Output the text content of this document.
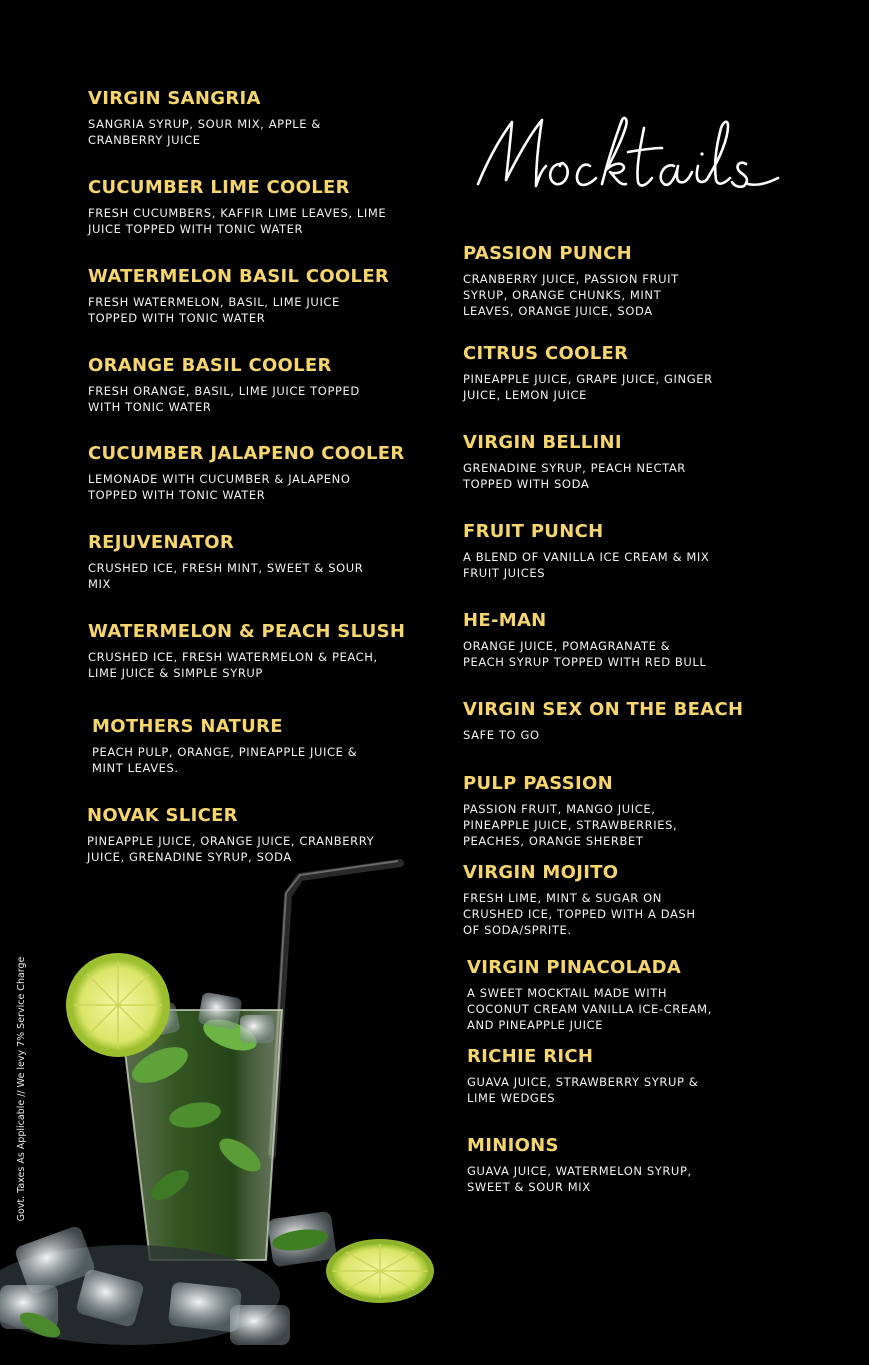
VIRGIN SANGRIA

SANGRIA SYRUP, SOUR MIX, APPLE & CRANBERRY JUICE

CUCUMBER LIME COOLER

FRESH CUCUMBERS, KAFFIR LIME LEAVES, LIME JUICE TOPPED WITH TONIC WATER

WATERMELON BASIL COOLER

FRESH WATERMELON, BASIL, LIME JUICE TOPPED WITH TONIC WATER

ORANGE BASIL COOLER

FRESH ORANGE, BASIL, LIME JUICE TOPPED WITH TONIC WATER

CUCUMBER JALAPENO COOLER

LEMONADE WITH CUCUMBER & JALAPENO TOPPED WITH TONIC WATER

REJUVENATOR

CRUSHED ICE, FRESH MINT, SWEET & SOUR MIX

WATERMELON & PEACH SLUSH

CRUSHED ICE, FRESH WATERMELON & PEACH, LIME JUICE & SIMPLE SYRUP

MOTHERS NATURE

PEACH PULP, ORANGE, PINEAPPLE JUICE & MINT LEAVES.

NOVAK SLICER

PINEAPPLE JUICE, ORANGE JUICE, CRANBERRY JUICE, GRENADINE SYRUP, SODA

PASSION PUNCH

CRANBERRY JUICE, PASSION FRUIT SYRUP, ORANGE CHUNKS, MINT LEAVES, ORANGE JUICE, SODA

CITRUS COOLER

PINEAPPLE JUICE, GRAPE JUICE, GINGER JUICE, LEMON JUICE

VIRGIN BELLINI

GRENADINE SYRUP, PEACH NECTAR TOPPED WITH SODA

FRUIT PUNCH

A BLEND OF VANILLA ICE CREAM & MIX FRUIT JUICES

HE-MAN

ORANGE JUICE, POMAGRANATE & PEACH SYRUP TOPPED WITH RED BULL

VIRGIN SEX ON THE BEACH

SAFE TO GO

PULP PASSION

PASSION FRUIT, MANGO JUICE, PINEAPPLE JUICE, STRAWBERRIES, PEACHES, ORANGE SHERBET

VIRGIN MOJITO

FRESH LIME, MINT & SUGAR ON CRUSHED ICE, TOPPED WITH A DASH OF SODA/SPRITE.

VIRGIN PINACOLADA

A SWEET MOCKTAIL MADE WITH COCONUT CREAM VANILLA ICE-CREAM, AND PINEAPPLE JUICE

RICHIE RICH

GUAVA JUICE, STRAWBERRY SYRUP & LIME WEDGES

MINIONS

GUAVA JUICE, WATERMELON SYRUP, SWEET & SOUR MIX

Govt. Taxes As Applicable // We levy 7% Service Charge
